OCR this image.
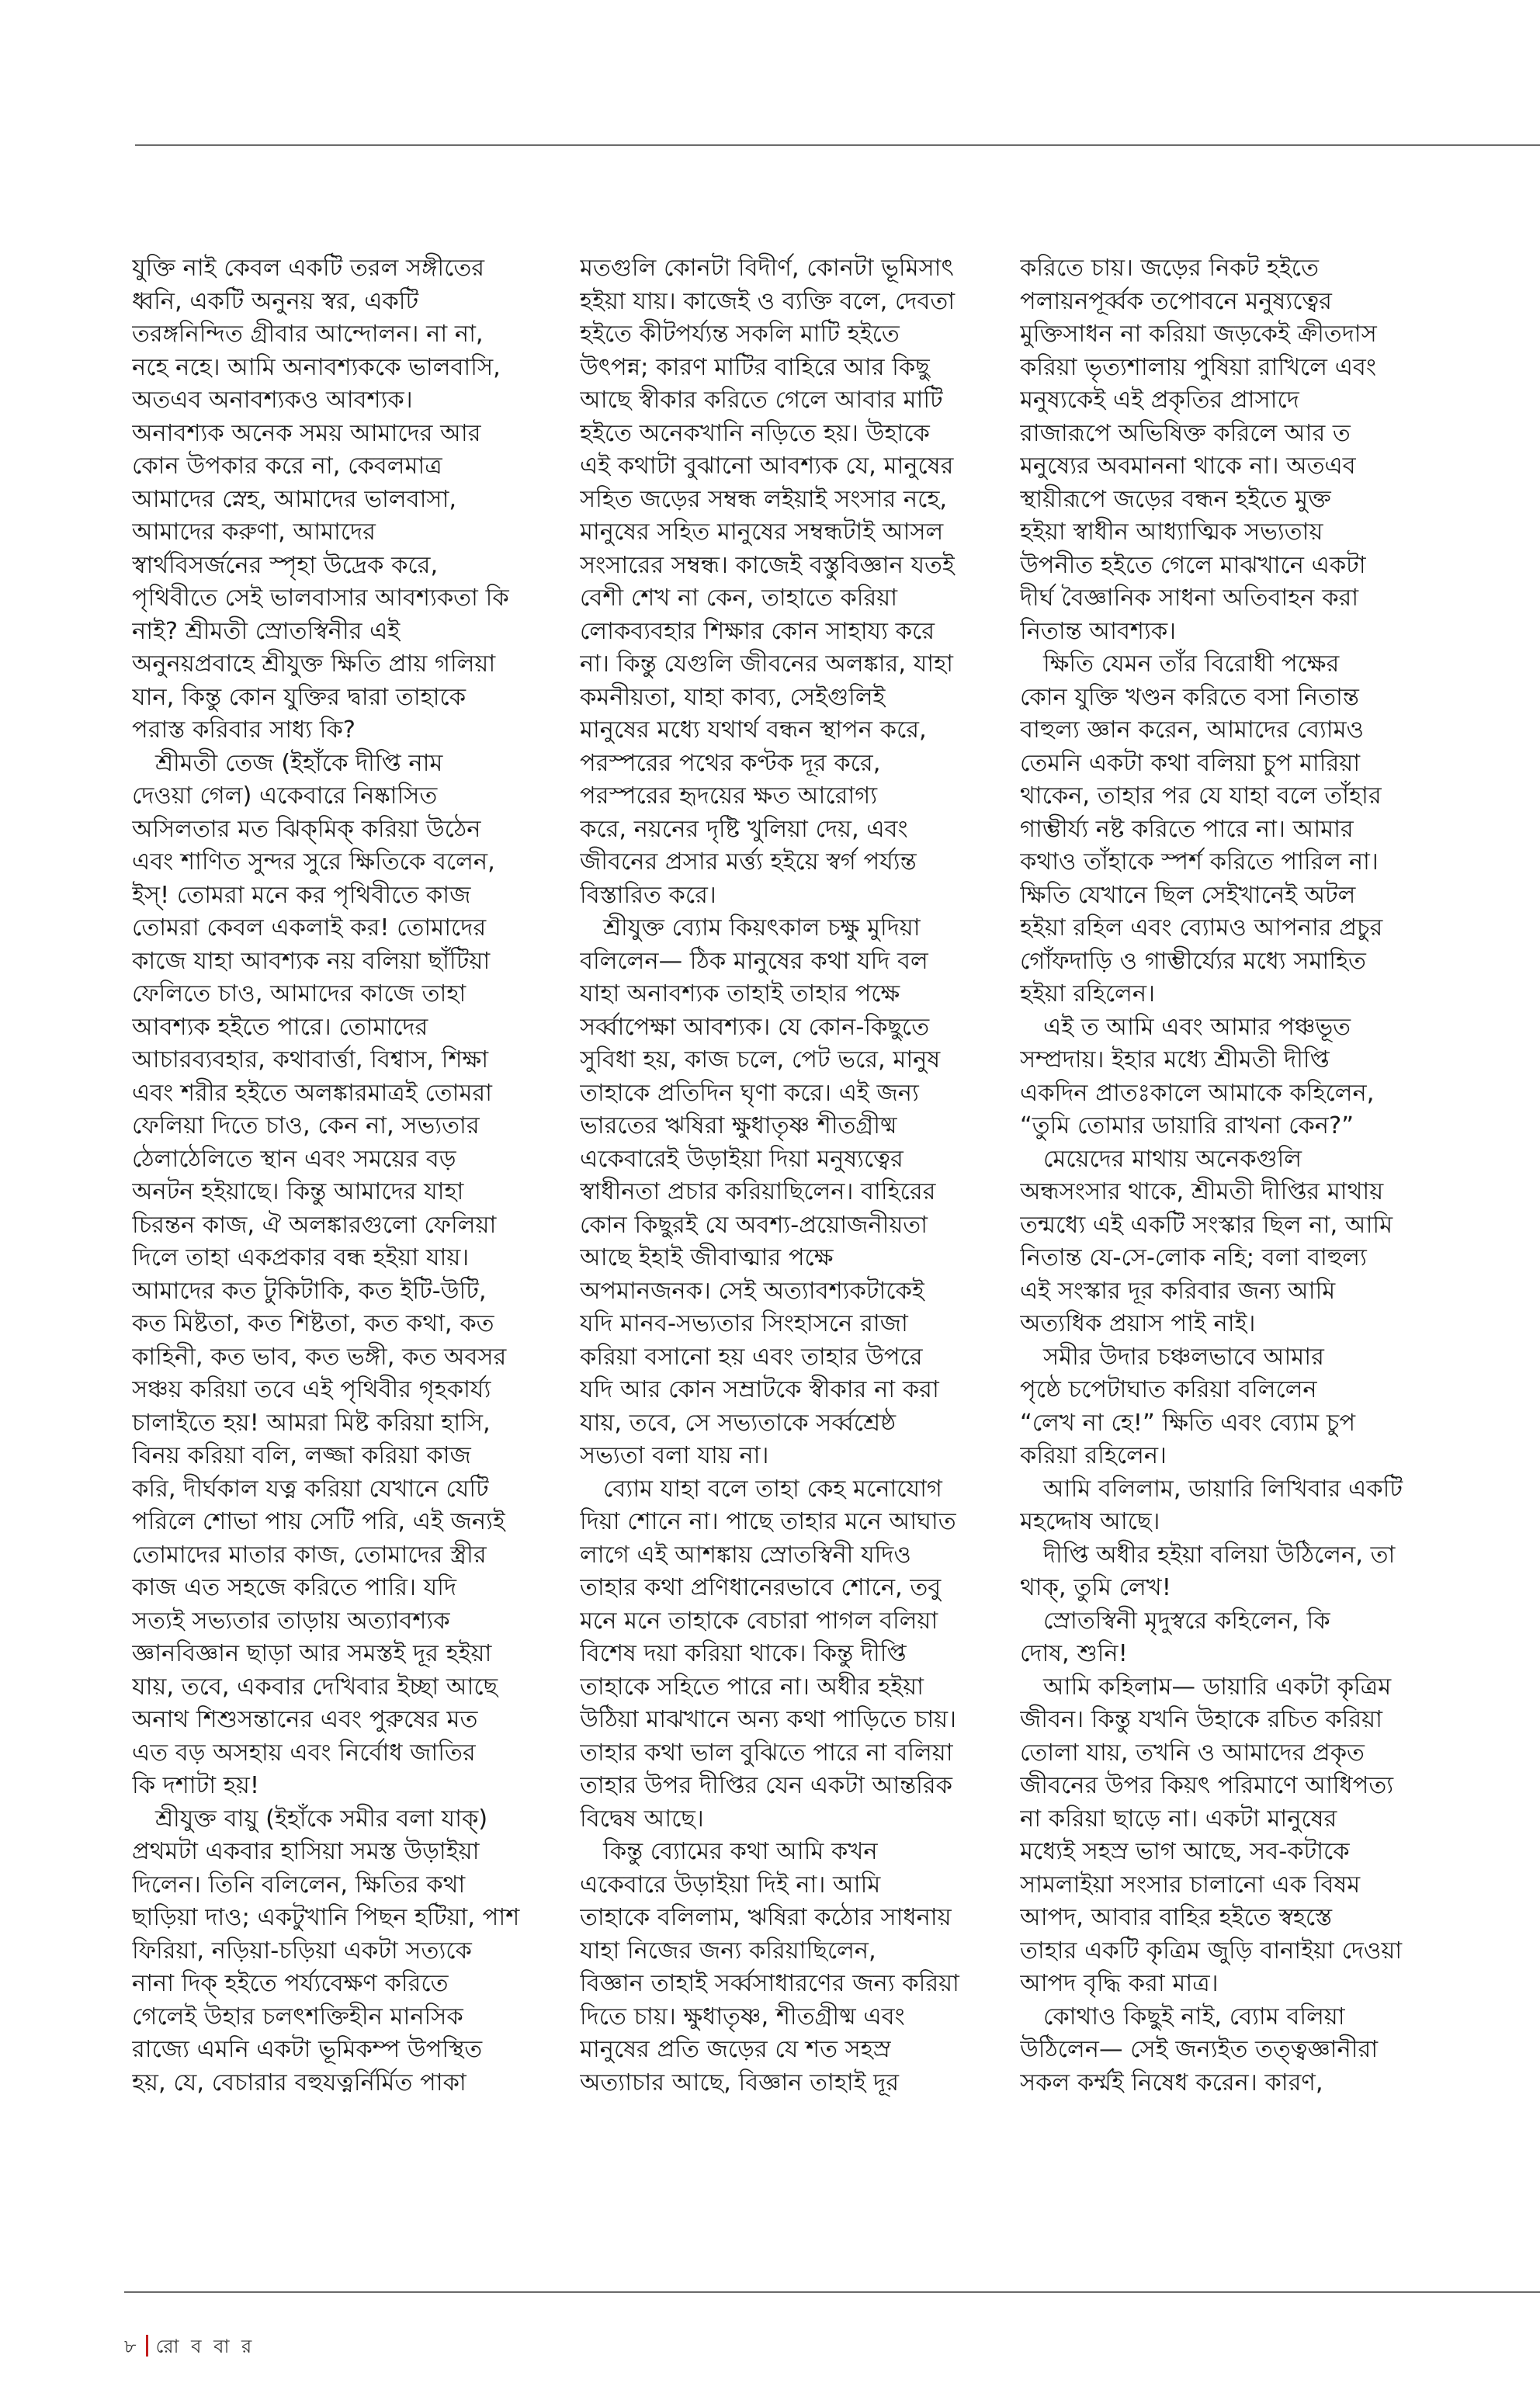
যুক্তি নাই কেবল একটি তরল সঙ্গীতের
ধ্বনি, একটি অনুনয় স্বর, একটি
তরঙ্গনিন্দিত গ্রীবার আন্দোলন। না না,
নহে নহে। আমি অনাবশ্যককে ভালবাসি,
অতএব অনাবশ্যকও আবশ্যক।
অনাবশ্যক অনেক সময় আমাদের আর
কোন উপকার করে না, কেবলমাত্র
আমাদের স্নেহ, আমাদের ভালবাসা,
আমাদের করুণা, আমাদের
স্বার্থবিসর্জনের স্পৃহা উদ্রেক করে,
পৃথিবীতে সেই ভালবাসার আবশ্যকতা কি
নাই? শ্রীমতী স্রোতস্বিনীর এই
অনুনয়প্রবাহে শ্রীযুক্ত ক্ষিতি প্রায় গলিয়া
যান, কিন্তু কোন যুক্তির দ্বারা তাহাকে
পরাস্ত করিবার সাধ্য কি?
শ্রীমতী তেজ (ইহাঁকে দীপ্তি নাম
দেওয়া গেল) একেবারে নিষ্কাসিত
অসিলতার মত ঝিক্‌মিক্ করিয়া উঠেন
এবং শাণিত সুন্দর সুরে ক্ষিতিকে বলেন,
ইস্! তোমরা মনে কর পৃথিবীতে কাজ
তোমরা কেবল একলাই কর! তোমাদের
কাজে যাহা আবশ্যক নয় বলিয়া ছাঁটিয়া
ফেলিতে চাও, আমাদের কাজে তাহা
আবশ্যক হইতে পারে। তোমাদের
আচারব্যবহার, কথাবার্ত্তা, বিশ্বাস, শিক্ষা
এবং শরীর হইতে অলঙ্কারমাত্রই তোমরা
ফেলিয়া দিতে চাও, কেন না, সভ্যতার
ঠেলাঠেলিতে স্থান এবং সময়ের বড়
অনটন হইয়াছে। কিন্তু আমাদের যাহা
চিরন্তন কাজ, ঐ অলঙ্কারগুলো ফেলিয়া
দিলে তাহা একপ্রকার বন্ধ হইয়া যায়।
আমাদের কত টুকিটাকি, কত ইটি-উটি,
কত মিষ্টতা, কত শিষ্টতা, কত কথা, কত
কাহিনী, কত ভাব, কত ভঙ্গী, কত অবসর
সঞ্চয় করিয়া তবে এই পৃথিবীর গৃহকার্য্য
চালাইতে হয়! আমরা মিষ্ট করিয়া হাসি,
বিনয় করিয়া বলি, লজ্জা করিয়া কাজ
করি, দীর্ঘকাল যত্ন করিয়া যেখানে যেটি
পরিলে শোভা পায় সেটি পরি, এই জন্যই
তোমাদের মাতার কাজ, তোমাদের স্ত্রীর
কাজ এত সহজে করিতে পারি। যদি
সত্যই সভ্যতার তাড়ায় অত্যাবশ্যক
জ্ঞানবিজ্ঞান ছাড়া আর সমস্তই দূর হইয়া
যায়, তবে, একবার দেখিবার ইচ্ছা আছে
অনাথ শিশুসন্তানের এবং পুরুষের মত
এত বড় অসহায় এবং নির্বোধ জাতির
কি দশাটা হয়!
শ্রীযুক্ত বায়ু (ইহাঁকে সমীর বলা যাক্)
প্রথমটা একবার হাসিয়া সমস্ত উড়াইয়া
দিলেন। তিনি বলিলেন, ক্ষিতির কথা
ছাড়িয়া দাও; একটুখানি পিছন হটিয়া, পাশ
ফিরিয়া, নড়িয়া-চড়িয়া একটা সত্যকে
নানা দিক্ হইতে পর্য্যবেক্ষণ করিতে
গেলেই উহার চলৎশক্তিহীন মানসিক
রাজ্যে এমনি একটা ভূমিকম্প উপস্থিত
হয়, যে, বেচারার বহুযত্নর্নির্মিত পাকা
মতগুলি কোনটা বিদীর্ণ, কোনটা ভূমিসাৎ
হইয়া যায়। কাজেই ও ব্যক্তি বলে, দেবতা
হইতে কীটপর্য্যন্ত সকলি মাটি হইতে
উৎপন্ন; কারণ মাটির বাহিরে আর কিছু
আছে স্বীকার করিতে গেলে আবার মাটি
হইতে অনেকখানি নড়িতে হয়। উহাকে
এই কথাটা বুঝানো আবশ্যক যে, মানুষের
সহিত জড়ের সম্বন্ধ লইয়াই সংসার নহে,
মানুষের সহিত মানুষের সম্বন্ধটাই আসল
সংসারের সম্বন্ধ। কাজেই বস্তুবিজ্ঞান যতই
বেশী শেখ না কেন, তাহাতে করিয়া
লোকব্যবহার শিক্ষার কোন সাহায্য করে
না। কিন্তু যেগুলি জীবনের অলঙ্কার, যাহা
কমনীয়তা, যাহা কাব্য, সেইগুলিই
মানুষের মধ্যে যথার্থ বন্ধন স্থাপন করে,
পরস্পরের পথের কণ্টক দূর করে,
পরস্পরের হৃদয়ের ক্ষত আরোগ্য
করে, নয়নের দৃষ্টি খুলিয়া দেয়, এবং
জীবনের প্রসার মর্ত্ত্য হইয়ে স্বর্গ পর্য্যন্ত
বিস্তারিত করে।
শ্রীযুক্ত ব্যোম কিয়ৎকাল চক্ষু মুদিয়া
বলিলেন— ঠিক মানুষের কথা যদি বল
যাহা অনাবশ্যক তাহাই তাহার পক্ষে
সর্ব্বাপেক্ষা আবশ্যক। যে কোন-কিছুতে
সুবিধা হয়, কাজ চলে, পেট ভরে, মানুষ
তাহাকে প্রতিদিন ঘৃণা করে। এই জন্য
ভারতের ঋষিরা ক্ষুধাতৃষ্ণ শীতগ্রীষ্ম
একেবারেই উড়াইয়া দিয়া মনুষ্যত্বের
স্বাধীনতা প্রচার করিয়াছিলেন। বাহিরের
কোন কিছুরই যে অবশ্য-প্রয়োজনীয়তা
আছে ইহাই জীবাত্মার পক্ষে
অপমানজনক। সেই অত্যাবশ্যকটাকেই
যদি মানব-সভ্যতার সিংহাসনে রাজা
করিয়া বসানো হয় এবং তাহার উপরে
যদি আর কোন সম্রাটকে স্বীকার না করা
যায়, তবে, সে সভ্যতাকে সর্ব্বশ্রেষ্ঠ
সভ্যতা বলা যায় না।
ব্যোম যাহা বলে তাহা কেহ মনোযোগ
দিয়া শোনে না। পাছে তাহার মনে আঘাত
লাগে এই আশঙ্কায় স্রোতস্বিনী যদিও
তাহার কথা প্রণিধানেরভাবে শোনে, তবু
মনে মনে তাহাকে বেচারা পাগল বলিয়া
বিশেষ দয়া করিয়া থাকে। কিন্তু দীপ্তি
তাহাকে সহিতে পারে না। অধীর হইয়া
উঠিয়া মাঝখানে অন্য কথা পাড়িতে চায়।
তাহার কথা ভাল বুঝিতে পারে না বলিয়া
তাহার উপর দীপ্তির যেন একটা আন্তরিক
বিদ্বেষ আছে।
কিন্তু ব্যোমের কথা আমি কখন
একেবারে উড়াইয়া দিই না। আমি
তাহাকে বলিলাম, ঋষিরা কঠোর সাধনায়
যাহা নিজের জন্য করিয়াছিলেন,
বিজ্ঞান তাহাই সর্ব্বসাধারণের জন্য করিয়া
দিতে চায়। ক্ষুধাতৃষ্ণ, শীতগ্রীষ্ম এবং
মানুষের প্রতি জড়ের যে শত সহস্র
অত্যাচার আছে, বিজ্ঞান তাহাই দূর
করিতে চায়। জড়ের নিকট হইতে
পলায়নপূর্ব্বক তপোবনে মনুষ্যত্বের
মুক্তিসাধন না করিয়া জড়কেই ক্রীতদাস
করিয়া ভৃত্যশালায় পুষিয়া রাখিলে এবং
মনুষ্যকেই এই প্রকৃতির প্রাসাদে
রাজারূপে অভিষিক্ত করিলে আর ত
মনুষ্যের অবমাননা থাকে না। অতএব
স্থায়ীরূপে জড়ের বন্ধন হইতে মুক্ত
হইয়া স্বাধীন আধ্যাত্মিক সভ্যতায়
উপনীত হইতে গেলে মাঝখানে একটা
দীর্ঘ বৈজ্ঞানিক সাধনা অতিবাহন করা
নিতান্ত আবশ্যক।
ক্ষিতি যেমন তাঁর বিরোধী পক্ষের
কোন যুক্তি খণ্ডন করিতে বসা নিতান্ত
বাহুল্য জ্ঞান করেন, আমাদের ব্যোমও
তেমনি একটা কথা বলিয়া চুপ মারিয়া
থাকেন, তাহার পর যে যাহা বলে তাঁহার
গাম্ভীর্য্য নষ্ট করিতে পারে না। আমার
কথাও তাঁহাকে স্পর্শ করিতে পারিল না।
ক্ষিতি যেখানে ছিল সেইখানেই অটল
হইয়া রহিল এবং ব্যোমও আপনার প্রচুর
গোঁফদাড়ি ও গাম্ভীর্য্যের মধ্যে সমাহিত
হইয়া রহিলেন।
এই ত আমি এবং আমার পঞ্চভূত
সম্প্রদায়। ইহার মধ্যে শ্রীমতী দীপ্তি
একদিন প্রাতঃকালে আমাকে কহিলেন,
“তুমি তোমার ডায়ারি রাখনা কেন?”
মেয়েদের মাথায় অনেকগুলি
অন্ধসংসার থাকে, শ্রীমতী দীপ্তির মাথায়
তন্মধ্যে এই একটি সংস্কার ছিল না, আমি
নিতান্ত যে-সে-লোক নহি; বলা বাহুল্য
এই সংস্কার দূর করিবার জন্য আমি
অত্যধিক প্রয়াস পাই নাই।
সমীর উদার চঞ্চলভাবে আমার
পৃষ্ঠে চপেটাঘাত করিয়া বলিলেন
“লেখ না হে!” ক্ষিতি এবং ব্যোম চুপ
করিয়া রহিলেন।
আমি বলিলাম, ডায়ারি লিখিবার একটি
মহদ্দোষ আছে।
দীপ্তি অধীর হইয়া বলিয়া উঠিলেন, তা
থাক্, তুমি লেখ!
স্রোতস্বিনী মৃদুস্বরে কহিলেন, কি
দোষ, শুনি!
আমি কহিলাম— ডায়ারি একটা কৃত্রিম
জীবন। কিন্তু যখনি উহাকে রচিত করিয়া
তোলা যায়, তখনি ও আমাদের প্রকৃত
জীবনের উপর কিয়ৎ পরিমাণে আধিপত্য
না করিয়া ছাড়ে না। একটা মানুষের
মধ্যেই সহস্র ভাগ আছে, সব-কটাকে
সামলাইয়া সংসার চালানো এক বিষম
আপদ, আবার বাহির হইতে স্বহস্তে
তাহার একটি কৃত্রিম জুড়ি বানাইয়া দেওয়া
আপদ বৃদ্ধি করা মাত্র।
কোথাও কিছুই নাই, ব্যোম বলিয়া
উঠিলেন— সেই জন্যইত তত্ত্বজ্ঞানীরা
সকল কর্ম্মই নিষেধ করেন। কারণ,
৮ রো ব বা র
